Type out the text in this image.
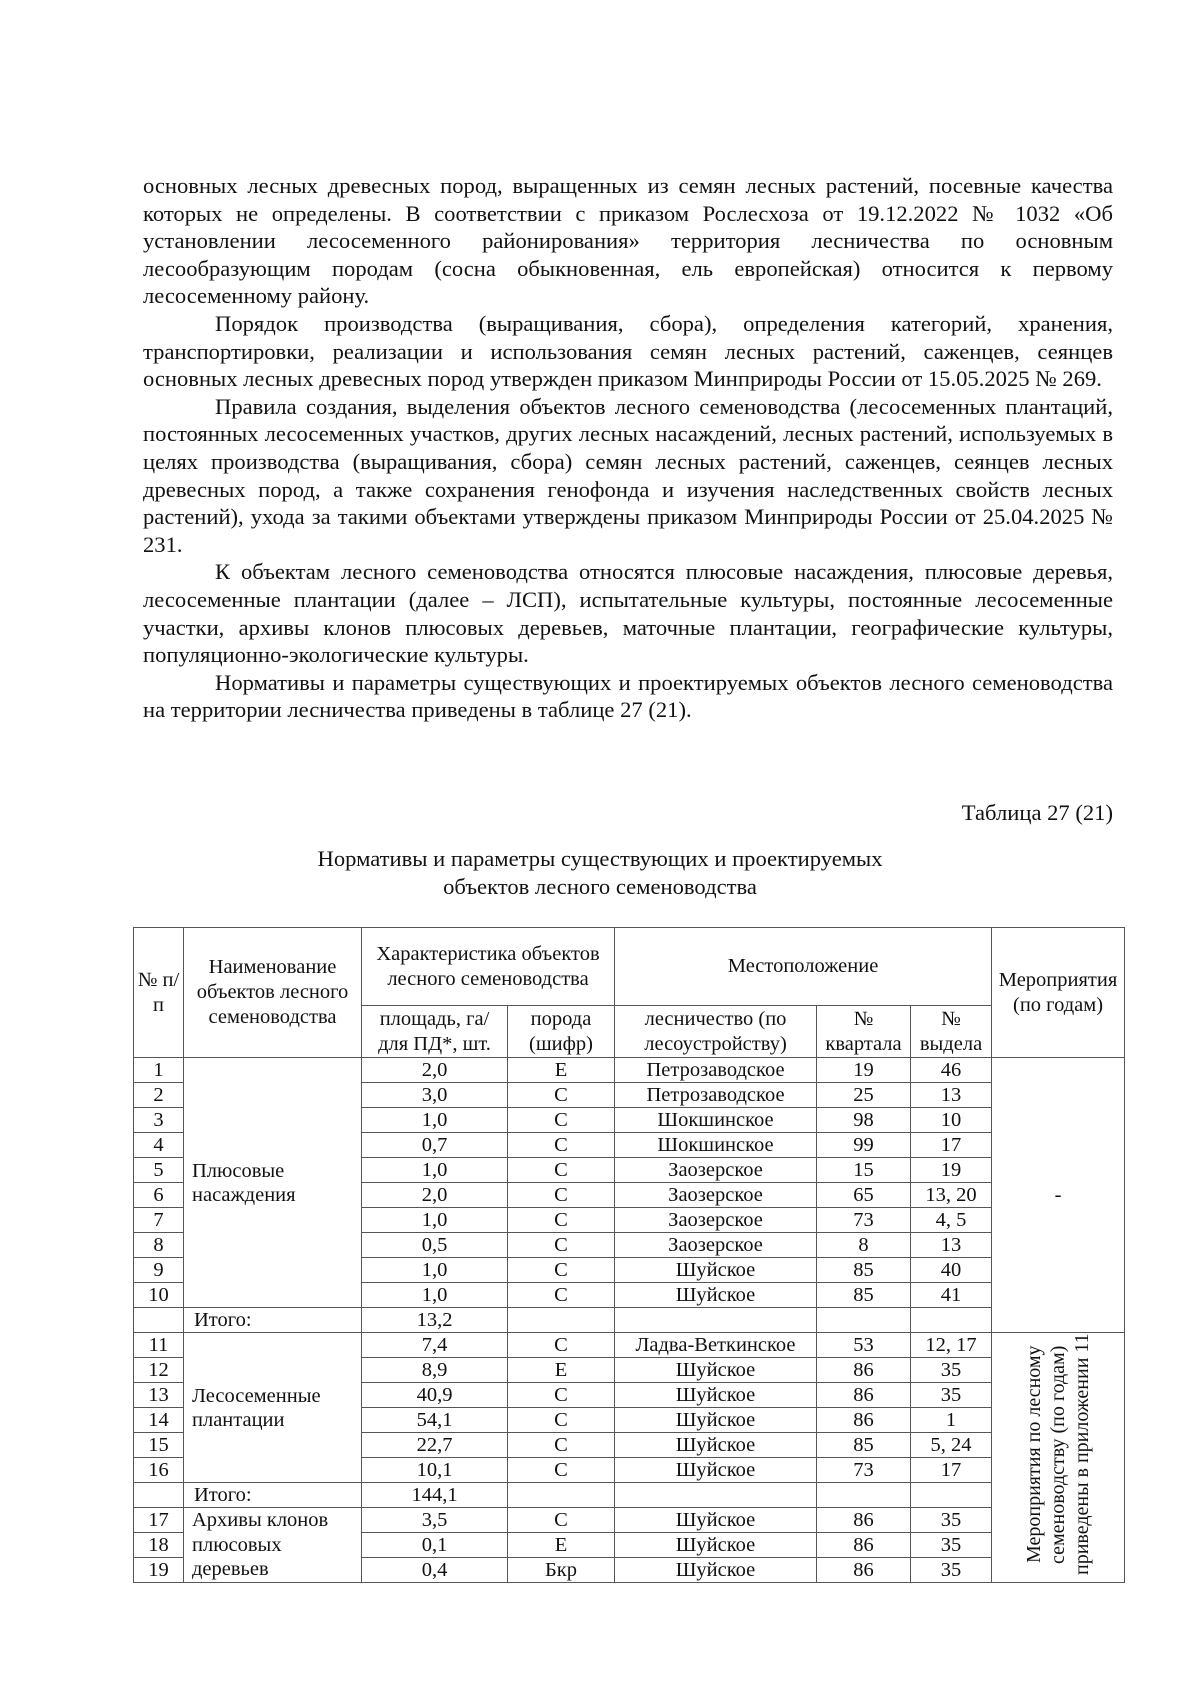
основных лесных древесных пород, выращенных из семян лесных растений, посевные качества которых не определены. В соответствии с приказом Рослесхоза от 19.12.2022 № 1032 «Об установлении лесосеменного районирования» территория лесничества по основным лесообразующим породам (сосна обыкновенная, ель европейская) относится к первому лесосеменному району.

Порядок производства (выращивания, сбора), определения категорий, хранения, транспортировки, реализации и использования семян лесных растений, саженцев, сеянцев основных лесных древесных пород утвержден приказом Минприроды России от 15.05.2025 № 269.

Правила создания, выделения объектов лесного семеноводства (лесосеменных плантаций, постоянных лесосеменных участков, других лесных насаждений, лесных растений, используемых в целях производства (выращивания, сбора) семян лесных растений, саженцев, сеянцев лесных древесных пород, а также сохранения генофонда и изучения наследственных свойств лесных растений), ухода за такими объектами утверждены приказом Минприроды России от 25.04.2025 № 231.

К объектам лесного семеноводства относятся плюсовые насаждения, плюсовые деревья, лесосеменные плантации (далее – ЛСП), испытательные культуры, постоянные лесосеменные участки, архивы клонов плюсовых деревьев, маточные плантации, географические культуры, популяционно-экологические культуры.

Нормативы и параметры существующих и проектируемых объектов лесного семеноводства на территории лесничества приведены в таблице 27 (21).

Таблица 27 (21)
Нормативы и параметры существующих и проектируемых
объектов лесного семеноводства
№ п/п	Наименование объектов лесного семеноводства	Характеристика объектов лесного семеноводства		Местоположение			Мероприятия (по годам)
		площадь, га/ для ПД*, шт.	порода (шифр)	лесничество (по лесоустройству)	№ квартала	№ выдела	
1	Плюсовые насаждения	2,0	Е	Петрозаводское	19	46	-
2		3,0	С	Петрозаводское	25	13	
3		1,0	С	Шокшинское	98	10	
4		0,7	С	Шокшинское	99	17	
5		1,0	С	Заозерское	15	19	
6		2,0	С	Заозерское	65	13, 20	
7		1,0	С	Заозерское	73	4, 5	
8		0,5	С	Заозерское	8	13	
9		1,0	С	Шуйское	85	40	
10		1,0	С	Шуйское	85	41	
	Итого:	13,2					
11	Лесосеменные плантации	7,4	С	Ладва-Веткинское	53	12, 17	Мероприятия по лесному семеноводству (по годам) приведены в приложении 11
12		8,9	Е	Шуйское	86	35	
13		40,9	С	Шуйское	86	35	
14		54,1	С	Шуйское	86	1	
15		22,7	С	Шуйское	85	5, 24	
16		10,1	С	Шуйское	73	17	
	Итого:	144,1					
17	Архивы клонов плюсовых деревьев	3,5	С	Шуйское	86	35	
18		0,1	Е	Шуйское	86	35	
19		0,4	Бкр	Шуйское	86	35	
